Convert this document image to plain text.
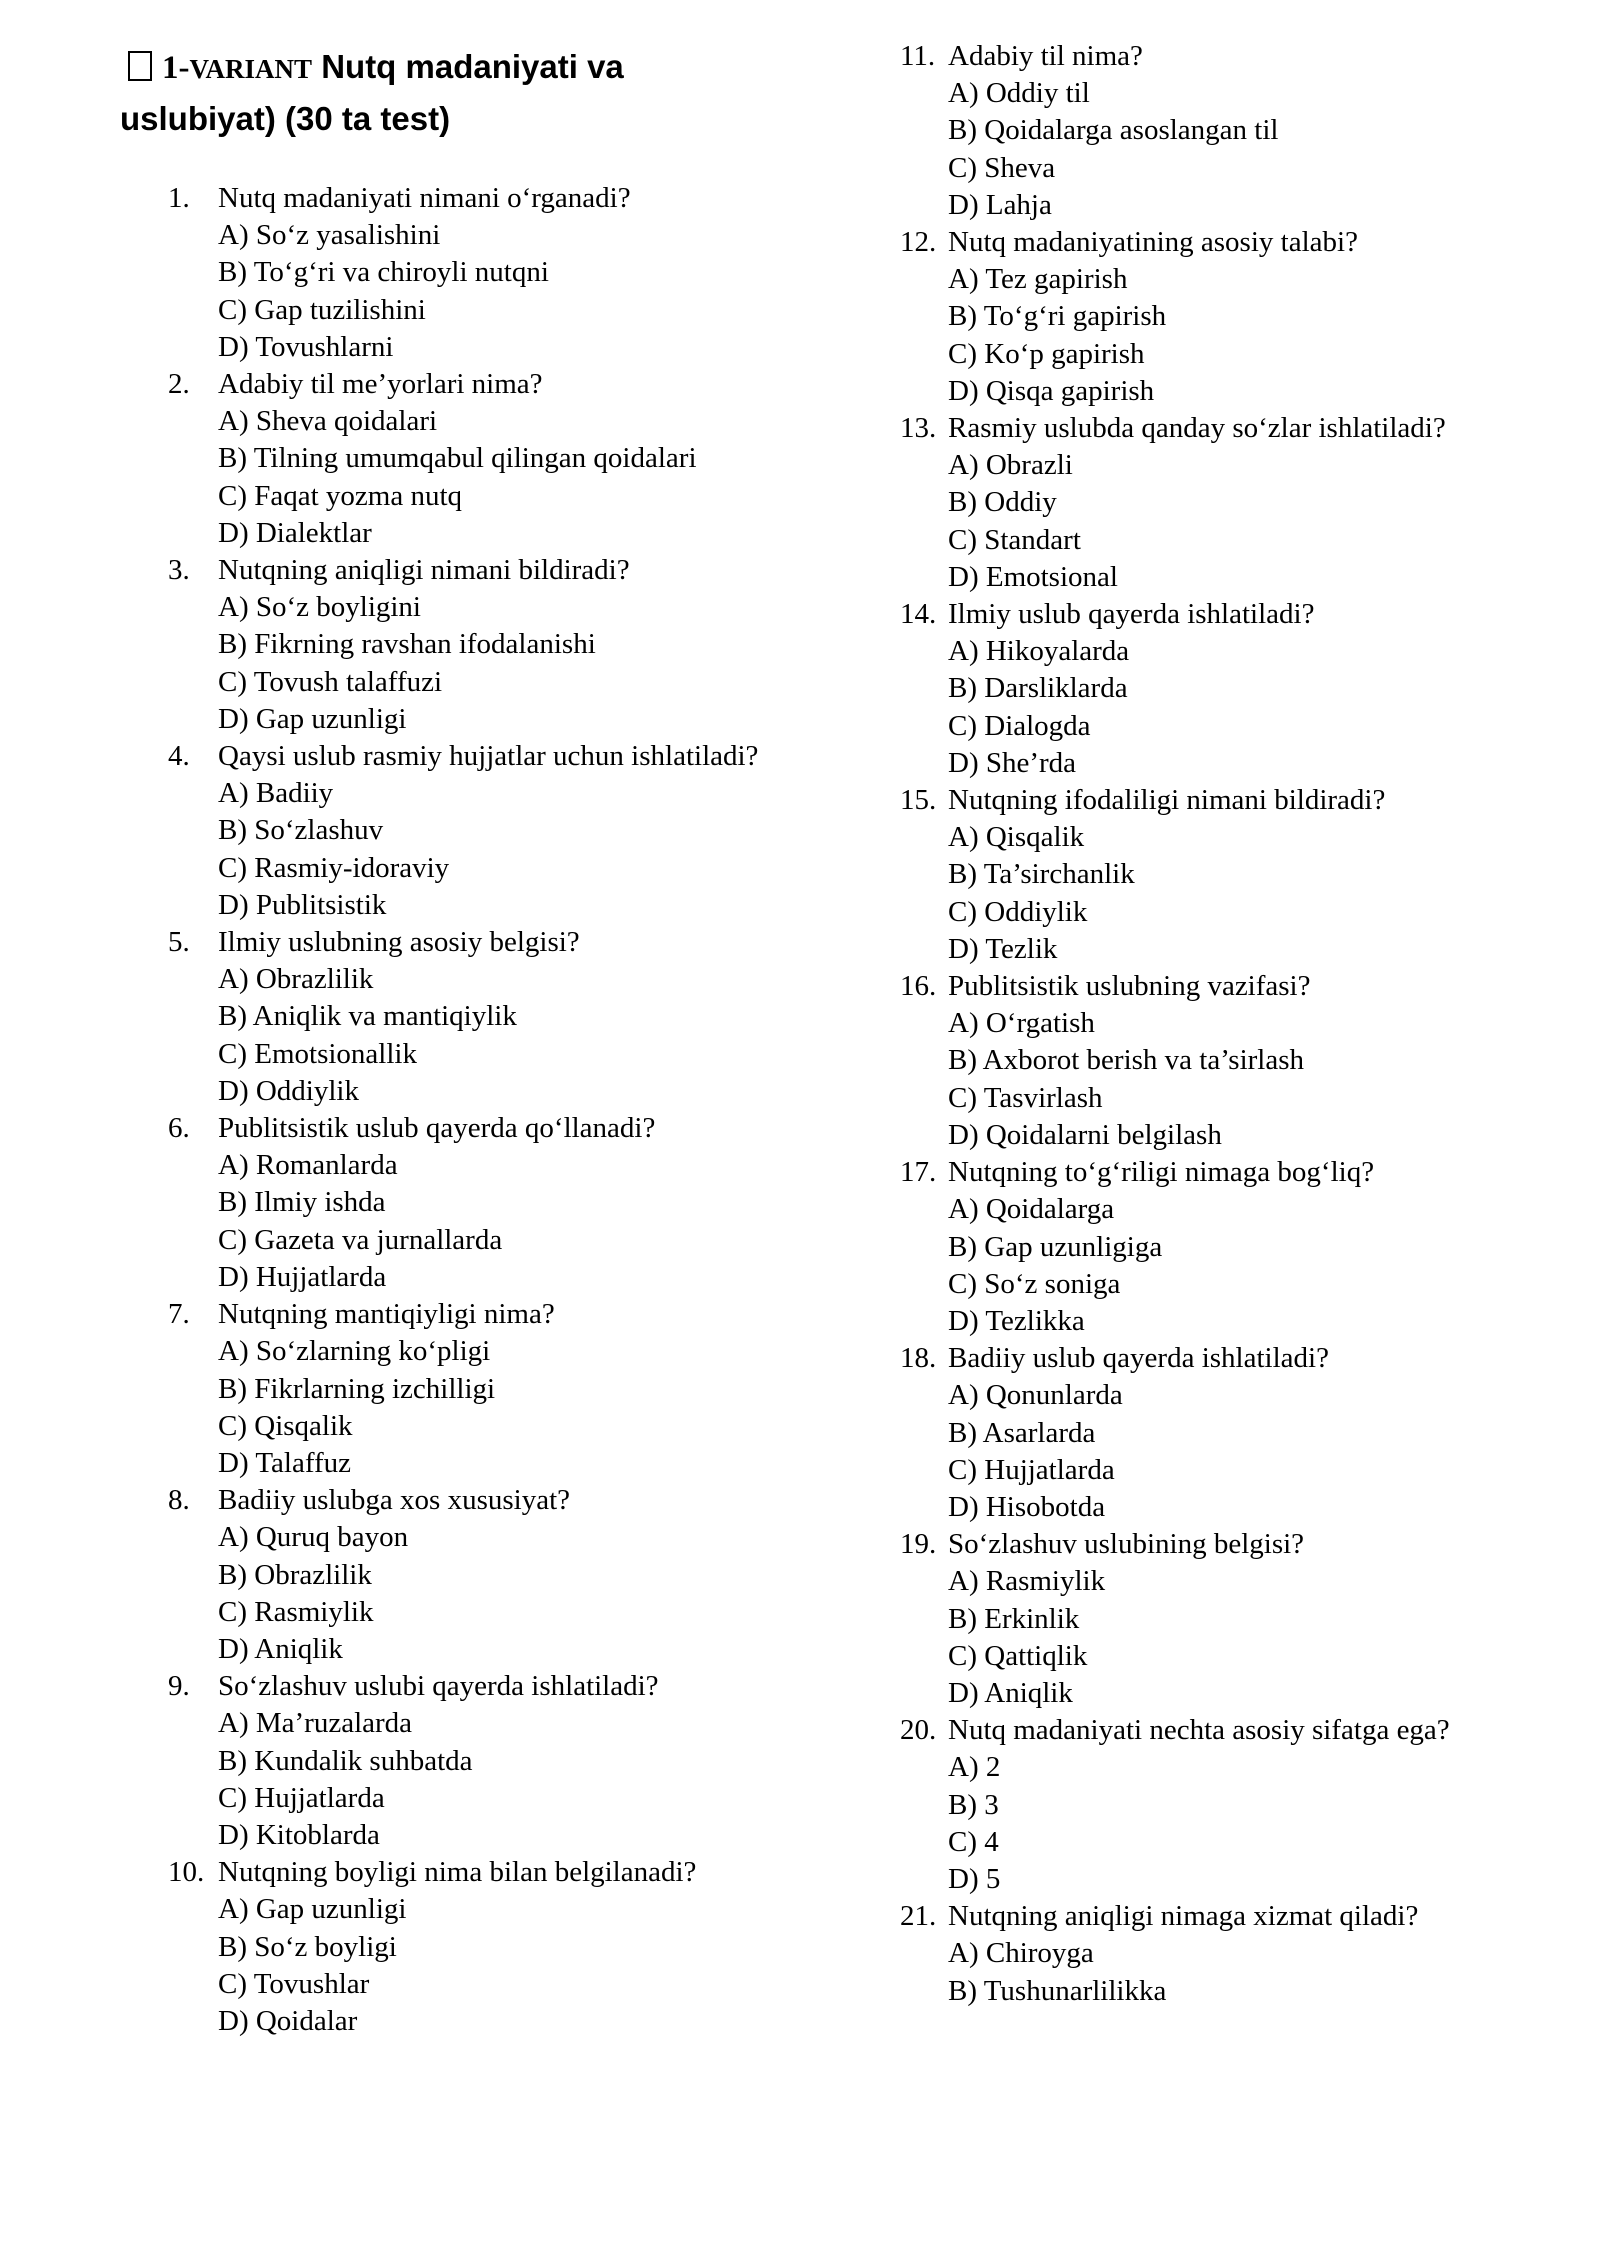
1-VARIANT Nutq madaniyati va uslubiyat) (30 ta test)
1. Nutq madaniyati nimani o‘rganadi?
A) So‘z yasalishini
B) To‘g‘ri va chiroyli nutqni
C) Gap tuzilishini
D) Tovushlarni
2. Adabiy til me’yorlari nima?
A) Sheva qoidalari
B) Tilning umumqabul qilingan qoidalari
C) Faqat yozma nutq
D) Dialektlar
3. Nutqning aniqligi nimani bildiradi?
A) So‘z boyligini
B) Fikrning ravshan ifodalanishi
C) Tovush talaffuzi
D) Gap uzunligi
4. Qaysi uslub rasmiy hujjatlar uchun ishlatiladi?
A) Badiiy
B) So‘zlashuv
C) Rasmiy-idoraviy
D) Publitsistik
5. Ilmiy uslubning asosiy belgisi?
A) Obrazlilik
B) Aniqlik va mantiqiylik
C) Emotsionallik
D) Oddiylik
6. Publitsistik uslub qayerda qo‘llanadi?
A) Romanlarda
B) Ilmiy ishda
C) Gazeta va jurnallarda
D) Hujjatlarda
7. Nutqning mantiqiyligi nima?
A) So‘zlarning ko‘pligi
B) Fikrlarning izchilligi
C) Qisqalik
D) Talaffuz
8. Badiiy uslubga xos xususiyat?
A) Quruq bayon
B) Obrazlilik
C) Rasmiylik
D) Aniqlik
9. So‘zlashuv uslubi qayerda ishlatiladi?
A) Ma’ruzalarda
B) Kundalik suhbatda
C) Hujjatlarda
D) Kitoblarda
10. Nutqning boyligi nima bilan belgilanadi?
A) Gap uzunligi
B) So‘z boyligi
C) Tovushlar
D) Qoidalar
11. Adabiy til nima?
A) Oddiy til
B) Qoidalarga asoslangan til
C) Sheva
D) Lahja
12. Nutq madaniyatining asosiy talabi?
A) Tez gapirish
B) To‘g‘ri gapirish
C) Ko‘p gapirish
D) Qisqa gapirish
13. Rasmiy uslubda qanday so‘zlar ishlatiladi?
A) Obrazli
B) Oddiy
C) Standart
D) Emotsional
14. Ilmiy uslub qayerda ishlatiladi?
A) Hikoyalarda
B) Darsliklarda
C) Dialogda
D) She’rda
15. Nutqning ifodaliligi nimani bildiradi?
A) Qisqalik
B) Ta’sirchanlik
C) Oddiylik
D) Tezlik
16. Publitsistik uslubning vazifasi?
A) O‘rgatish
B) Axborot berish va ta’sirlash
C) Tasvirlash
D) Qoidalarni belgilash
17. Nutqning to‘g‘riligi nimaga bog‘liq?
A) Qoidalarga
B) Gap uzunligiga
C) So‘z soniga
D) Tezlikka
18. Badiiy uslub qayerda ishlatiladi?
A) Qonunlarda
B) Asarlarda
C) Hujjatlarda
D) Hisobotda
19. So‘zlashuv uslubining belgisi?
A) Rasmiylik
B) Erkinlik
C) Qattiqlik
D) Aniqlik
20. Nutq madaniyati nechta asosiy sifatga ega?
A) 2
B) 3
C) 4
D) 5
21. Nutqning aniqligi nimaga xizmat qiladi?
A) Chiroyga
B) Tushunarlilikka
